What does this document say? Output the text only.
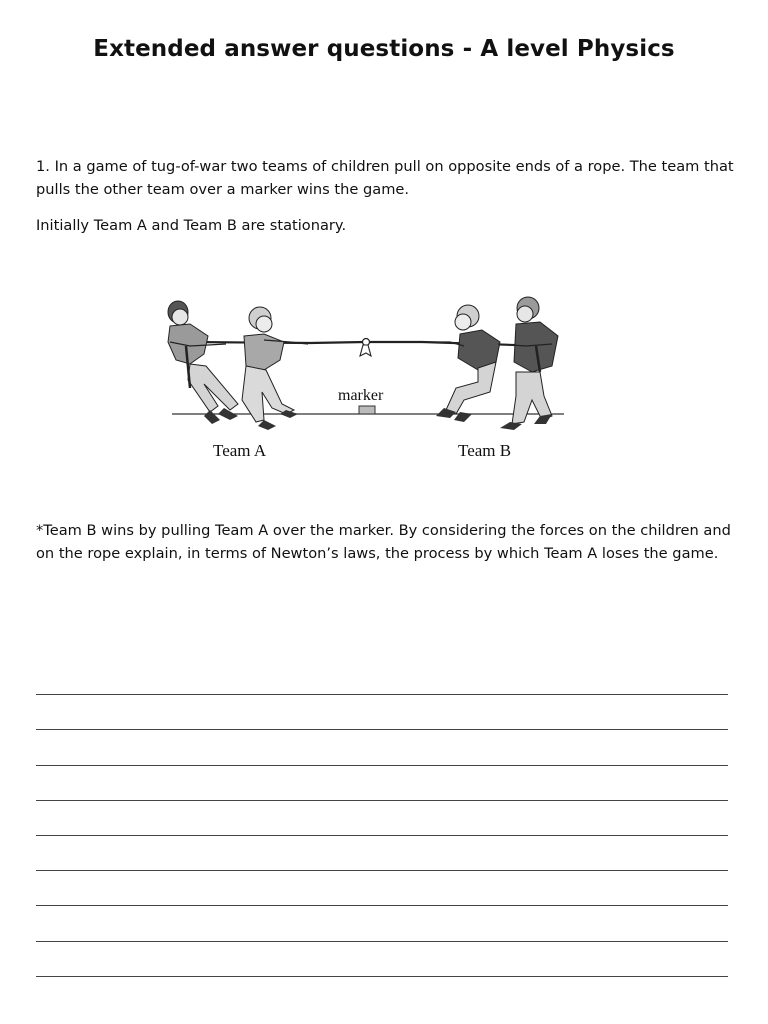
Extended answer questions - A level Physics

1. In a game of tug-of-war two teams of children pull on opposite ends of a rope. The team that pulls the other team over a marker wins the game.

Initially Team A and Team B are stationary.

marker
Team A	Team B

*Team B wins by pulling Team A over the marker. By considering the forces on the children and on the rope explain, in terms of Newton’s laws, the process by which Team A loses the game.
